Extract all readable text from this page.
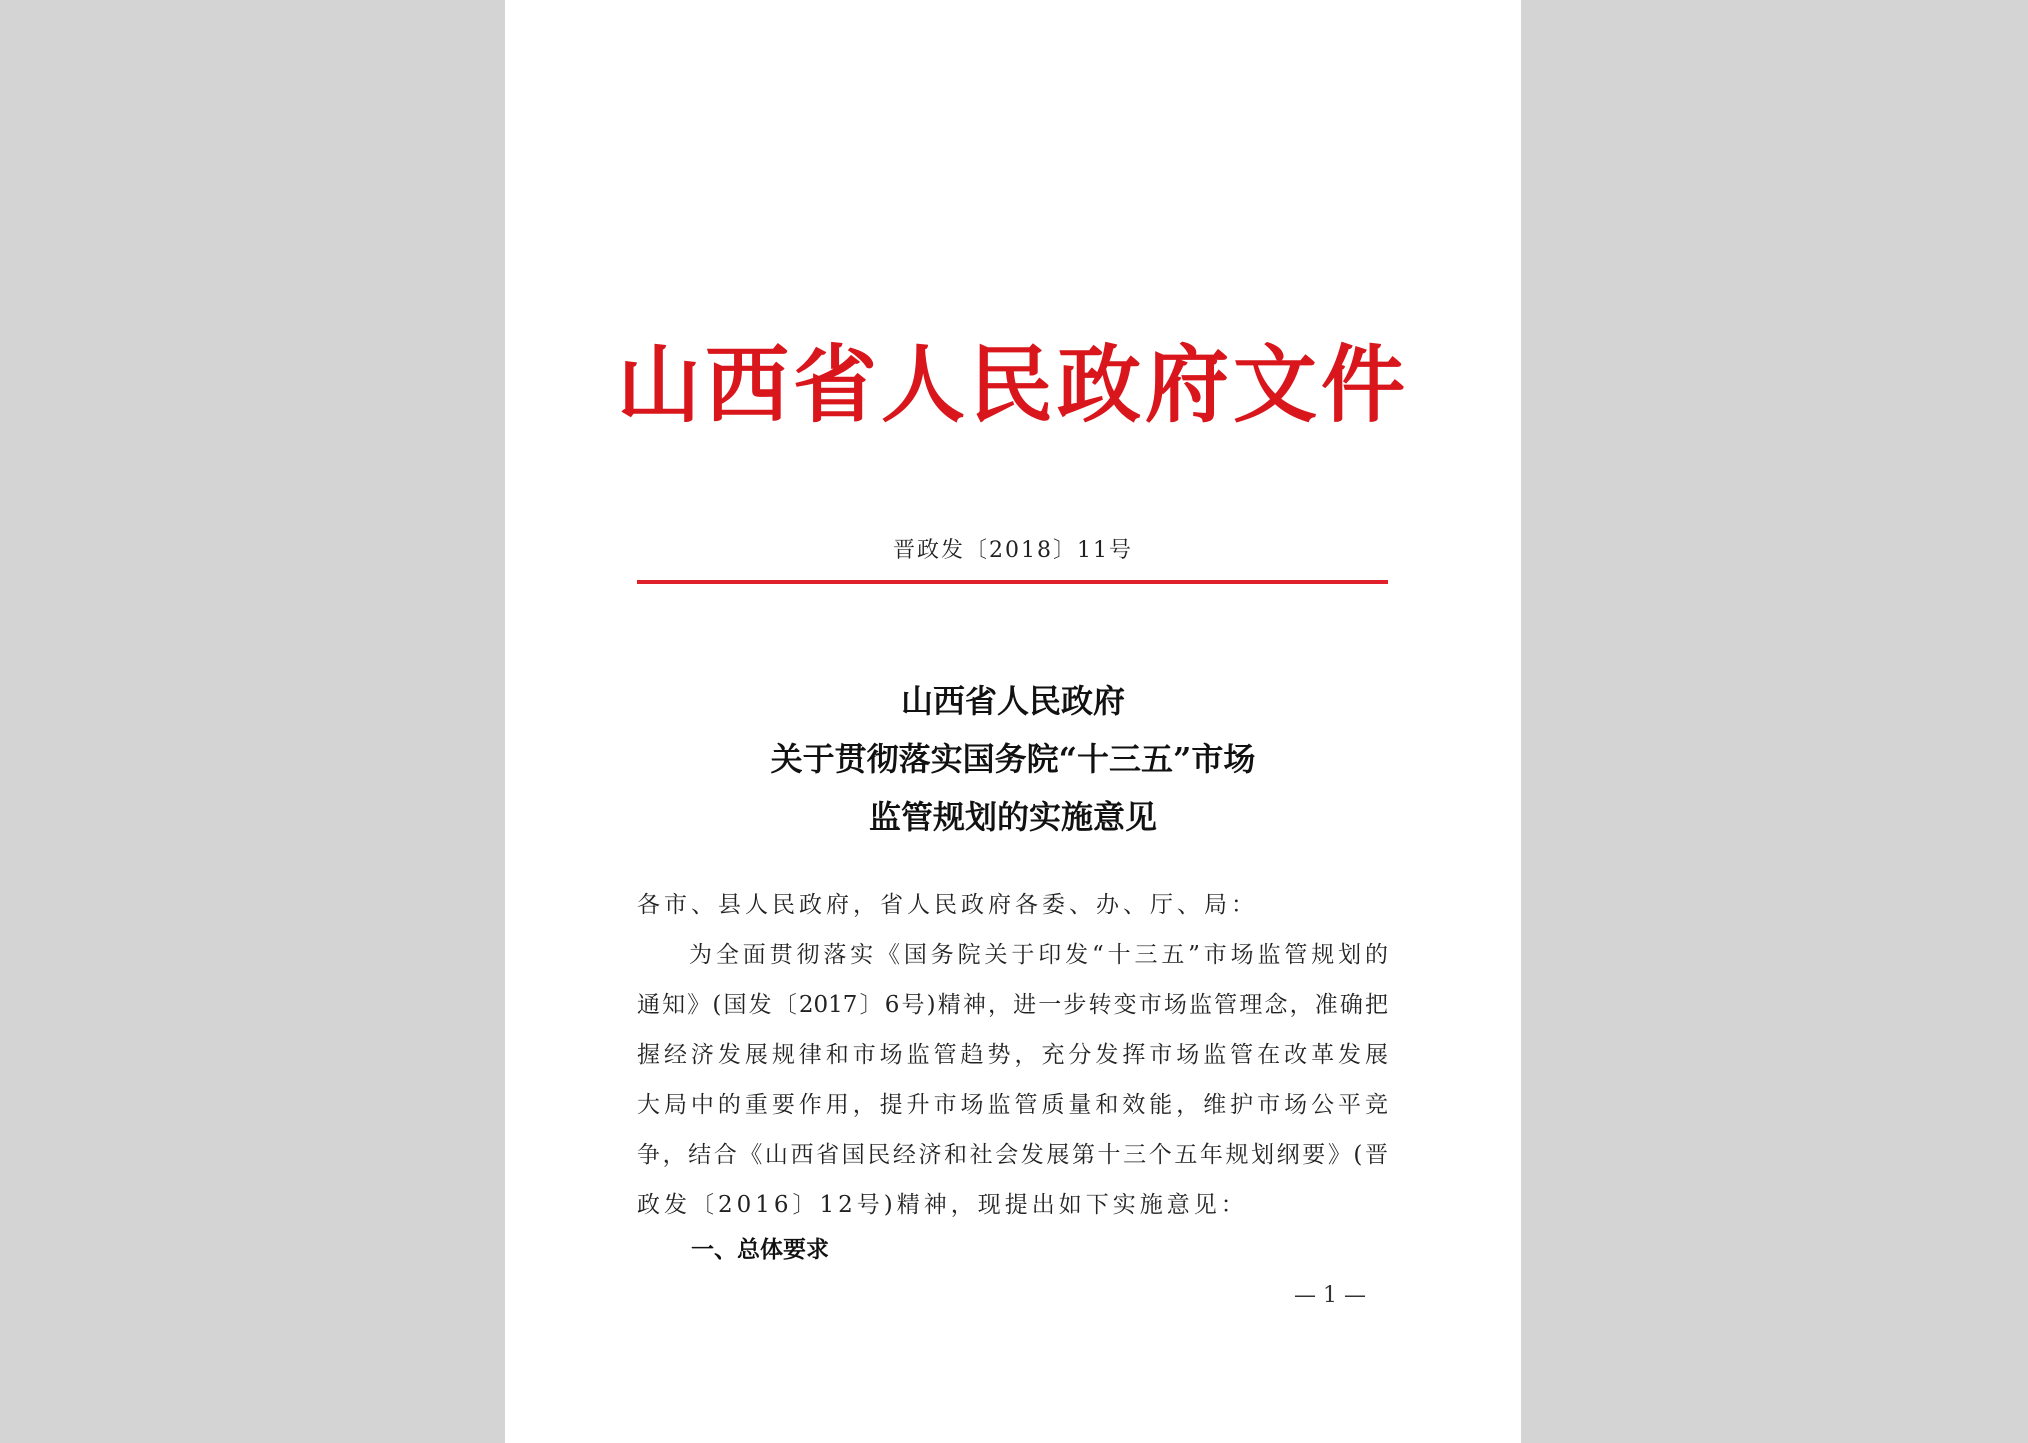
山西省人民政府文件
晋政发〔2018〕11号
山西省人民政府
关于贯彻落实国务院“十三五”市场
监管规划的实施意见
各市、县人民政府，省人民政府各委、办、厅、局：
为全面贯彻落实《国务院关于印发“十三五”市场监管规划的
通知》(国发〔2017〕6号)精神，进一步转变市场监管理念，准确把
握经济发展规律和市场监管趋势，充分发挥市场监管在改革发展
大局中的重要作用，提升市场监管质量和效能，维护市场公平竞
争，结合《山西省国民经济和社会发展第十三个五年规划纲要》(晋
政发〔2016〕12号)精神，现提出如下实施意见：
一、总体要求
— 1 —
